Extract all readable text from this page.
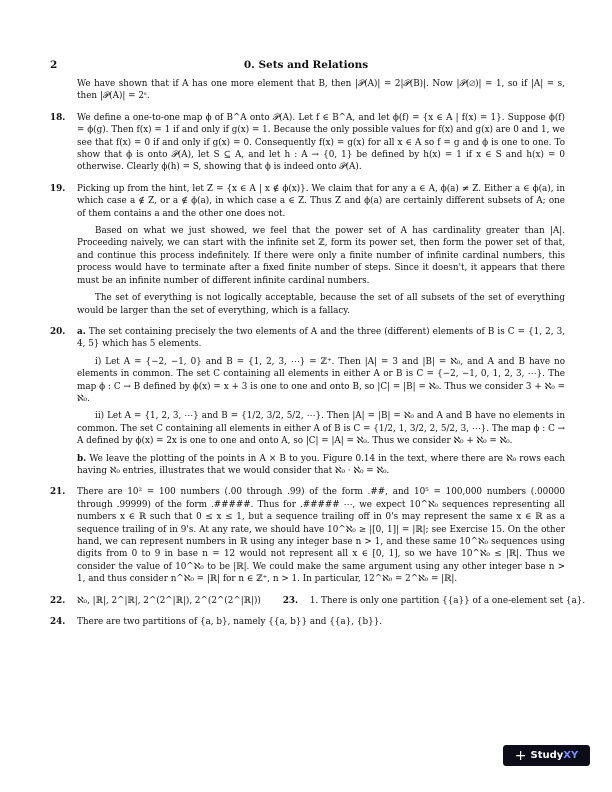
2	0. Sets and Relations

We have shown that if A has one more element that B, then |𝒫(A)| = 2|𝒫(B)|. Now |𝒫(∅)| = 1, so if |A| = s, then |𝒫(A)| = 2ˢ.

18. We define a one-to-one map ϕ of B^A onto 𝒫(A). Let f ∈ B^A, and let ϕ(f) = {x ∈ A | f(x) = 1}. Suppose ϕ(f) = ϕ(g). Then f(x) = 1 if and only if g(x) = 1. Because the only possible values for f(x) and g(x) are 0 and 1, we see that f(x) = 0 if and only if g(x) = 0. Consequently f(x) = g(x) for all x ∈ A so f = g and ϕ is one to one. To show that ϕ is onto 𝒫(A), let S ⊆ A, and let h : A → {0, 1} be defined by h(x) = 1 if x ∈ S and h(x) = 0 otherwise. Clearly ϕ(h) = S, showing that ϕ is indeed onto 𝒫(A).

19. Picking up from the hint, let Z = {x ∈ A | x ∉ ϕ(x)}. We claim that for any a ∈ A, ϕ(a) ≠ Z. Either a ∈ ϕ(a), in which case a ∉ Z, or a ∉ ϕ(a), in which case a ∈ Z. Thus Z and ϕ(a) are certainly different subsets of A; one of them contains a and the other one does not.

Based on what we just showed, we feel that the power set of A has cardinality greater than |A|. Proceeding naively, we can start with the infinite set ℤ, form its power set, then form the power set of that, and continue this process indefinitely. If there were only a finite number of infinite cardinal numbers, this process would have to terminate after a fixed finite number of steps. Since it doesn't, it appears that there must be an infinite number of different infinite cardinal numbers.

The set of everything is not logically acceptable, because the set of all subsets of the set of everything would be larger than the set of everything, which is a fallacy.

20. a. The set containing precisely the two elements of A and the three (different) elements of B is C = {1, 2, 3, 4, 5} which has 5 elements.

i) Let A = {−2, −1, 0} and B = {1, 2, 3, ⋯} = ℤ⁺. Then |A| = 3 and |B| = ℵ₀, and A and B have no elements in common. The set C containing all elements in either A or B is C = {−2, −1, 0, 1, 2, 3, ⋯}. The map ϕ : C → B defined by ϕ(x) = x + 3 is one to one and onto B, so |C| = |B| = ℵ₀. Thus we consider 3 + ℵ₀ = ℵ₀.

ii) Let A = {1, 2, 3, ⋯} and B = {1/2, 3/2, 5/2, ⋯}. Then |A| = |B| = ℵ₀ and A and B have no elements in common. The set C containing all elements in either A of B is C = {1/2, 1, 3/2, 2, 5/2, 3, ⋯}. The map ϕ : C → A defined by ϕ(x) = 2x is one to one and onto A, so |C| = |A| = ℵ₀. Thus we consider ℵ₀ + ℵ₀ = ℵ₀.

b. We leave the plotting of the points in A × B to you. Figure 0.14 in the text, where there are ℵ₀ rows each having ℵ₀ entries, illustrates that we would consider that ℵ₀ · ℵ₀ = ℵ₀.

21. There are 10² = 100 numbers (.00 through .99) of the form .##, and 10⁵ = 100,000 numbers (.00000 through .99999) of the form .#####. Thus for .##### ⋯, we expect 10^ℵ₀ sequences representing all numbers x ∈ ℝ such that 0 ≤ x ≤ 1, but a sequence trailing off in 0's may represent the same x ∈ ℝ as a sequence trailing of in 9's. At any rate, we should have 10^ℵ₀ ≥ |[0, 1]| = |ℝ|; see Exercise 15. On the other hand, we can represent numbers in ℝ using any integer base n > 1, and these same 10^ℵ₀ sequences using digits from 0 to 9 in base n = 12 would not represent all x ∈ [0, 1], so we have 10^ℵ₀ ≤ |ℝ|. Thus we consider the value of 10^ℵ₀ to be |ℝ|. We could make the same argument using any other integer base n > 1, and thus consider n^ℵ₀ = |ℝ| for n ∈ ℤ⁺, n > 1. In particular, 12^ℵ₀ = 2^ℵ₀ = |ℝ|.

22. ℵ₀, |ℝ|, 2^|ℝ|, 2^(2^|ℝ|), 2^(2^(2^|ℝ|))	23. 1. There is only one partition {{a}} of a one-element set {a}.

24. There are two partitions of {a, b}, namely {{a, b}} and {{a}, {b}}.

+ StudyXY
